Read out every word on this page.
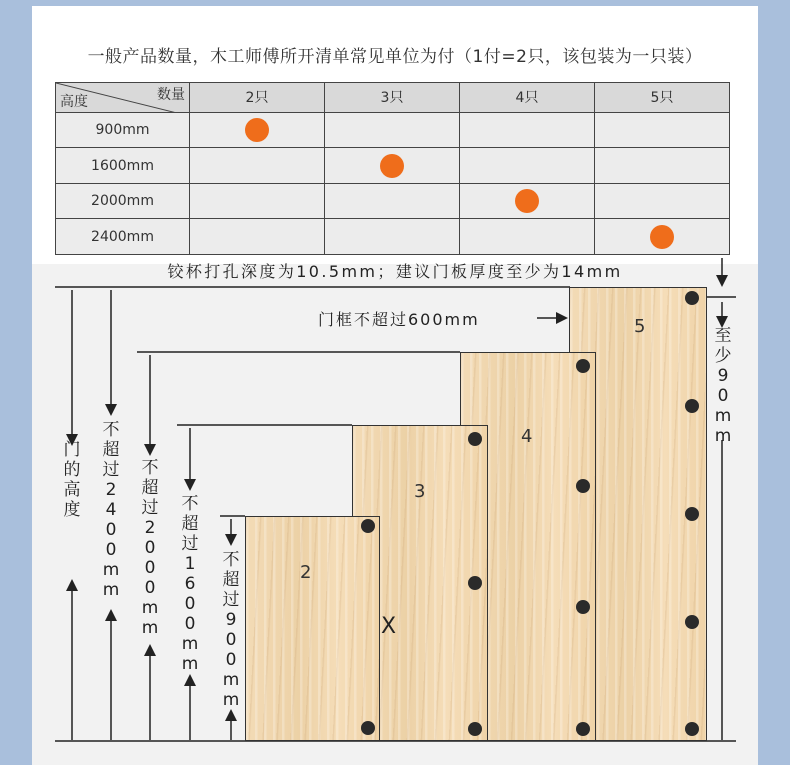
一般产品数量，木工师傅所开清单常见单位为付（1付=2只，该包装为一只装）
数量
高度	2只	3只	4只	5只
900mm				
1600mm				
2000mm				
2400mm				
铰杯打孔深度为10.5mm；建议门板厚度至少为14mm
门的高度
不超过2400mm
不超过2000mm
不超过1600mm
不超过900mm
至少90mm
门框不超过600mm	5
4
3
2
X
